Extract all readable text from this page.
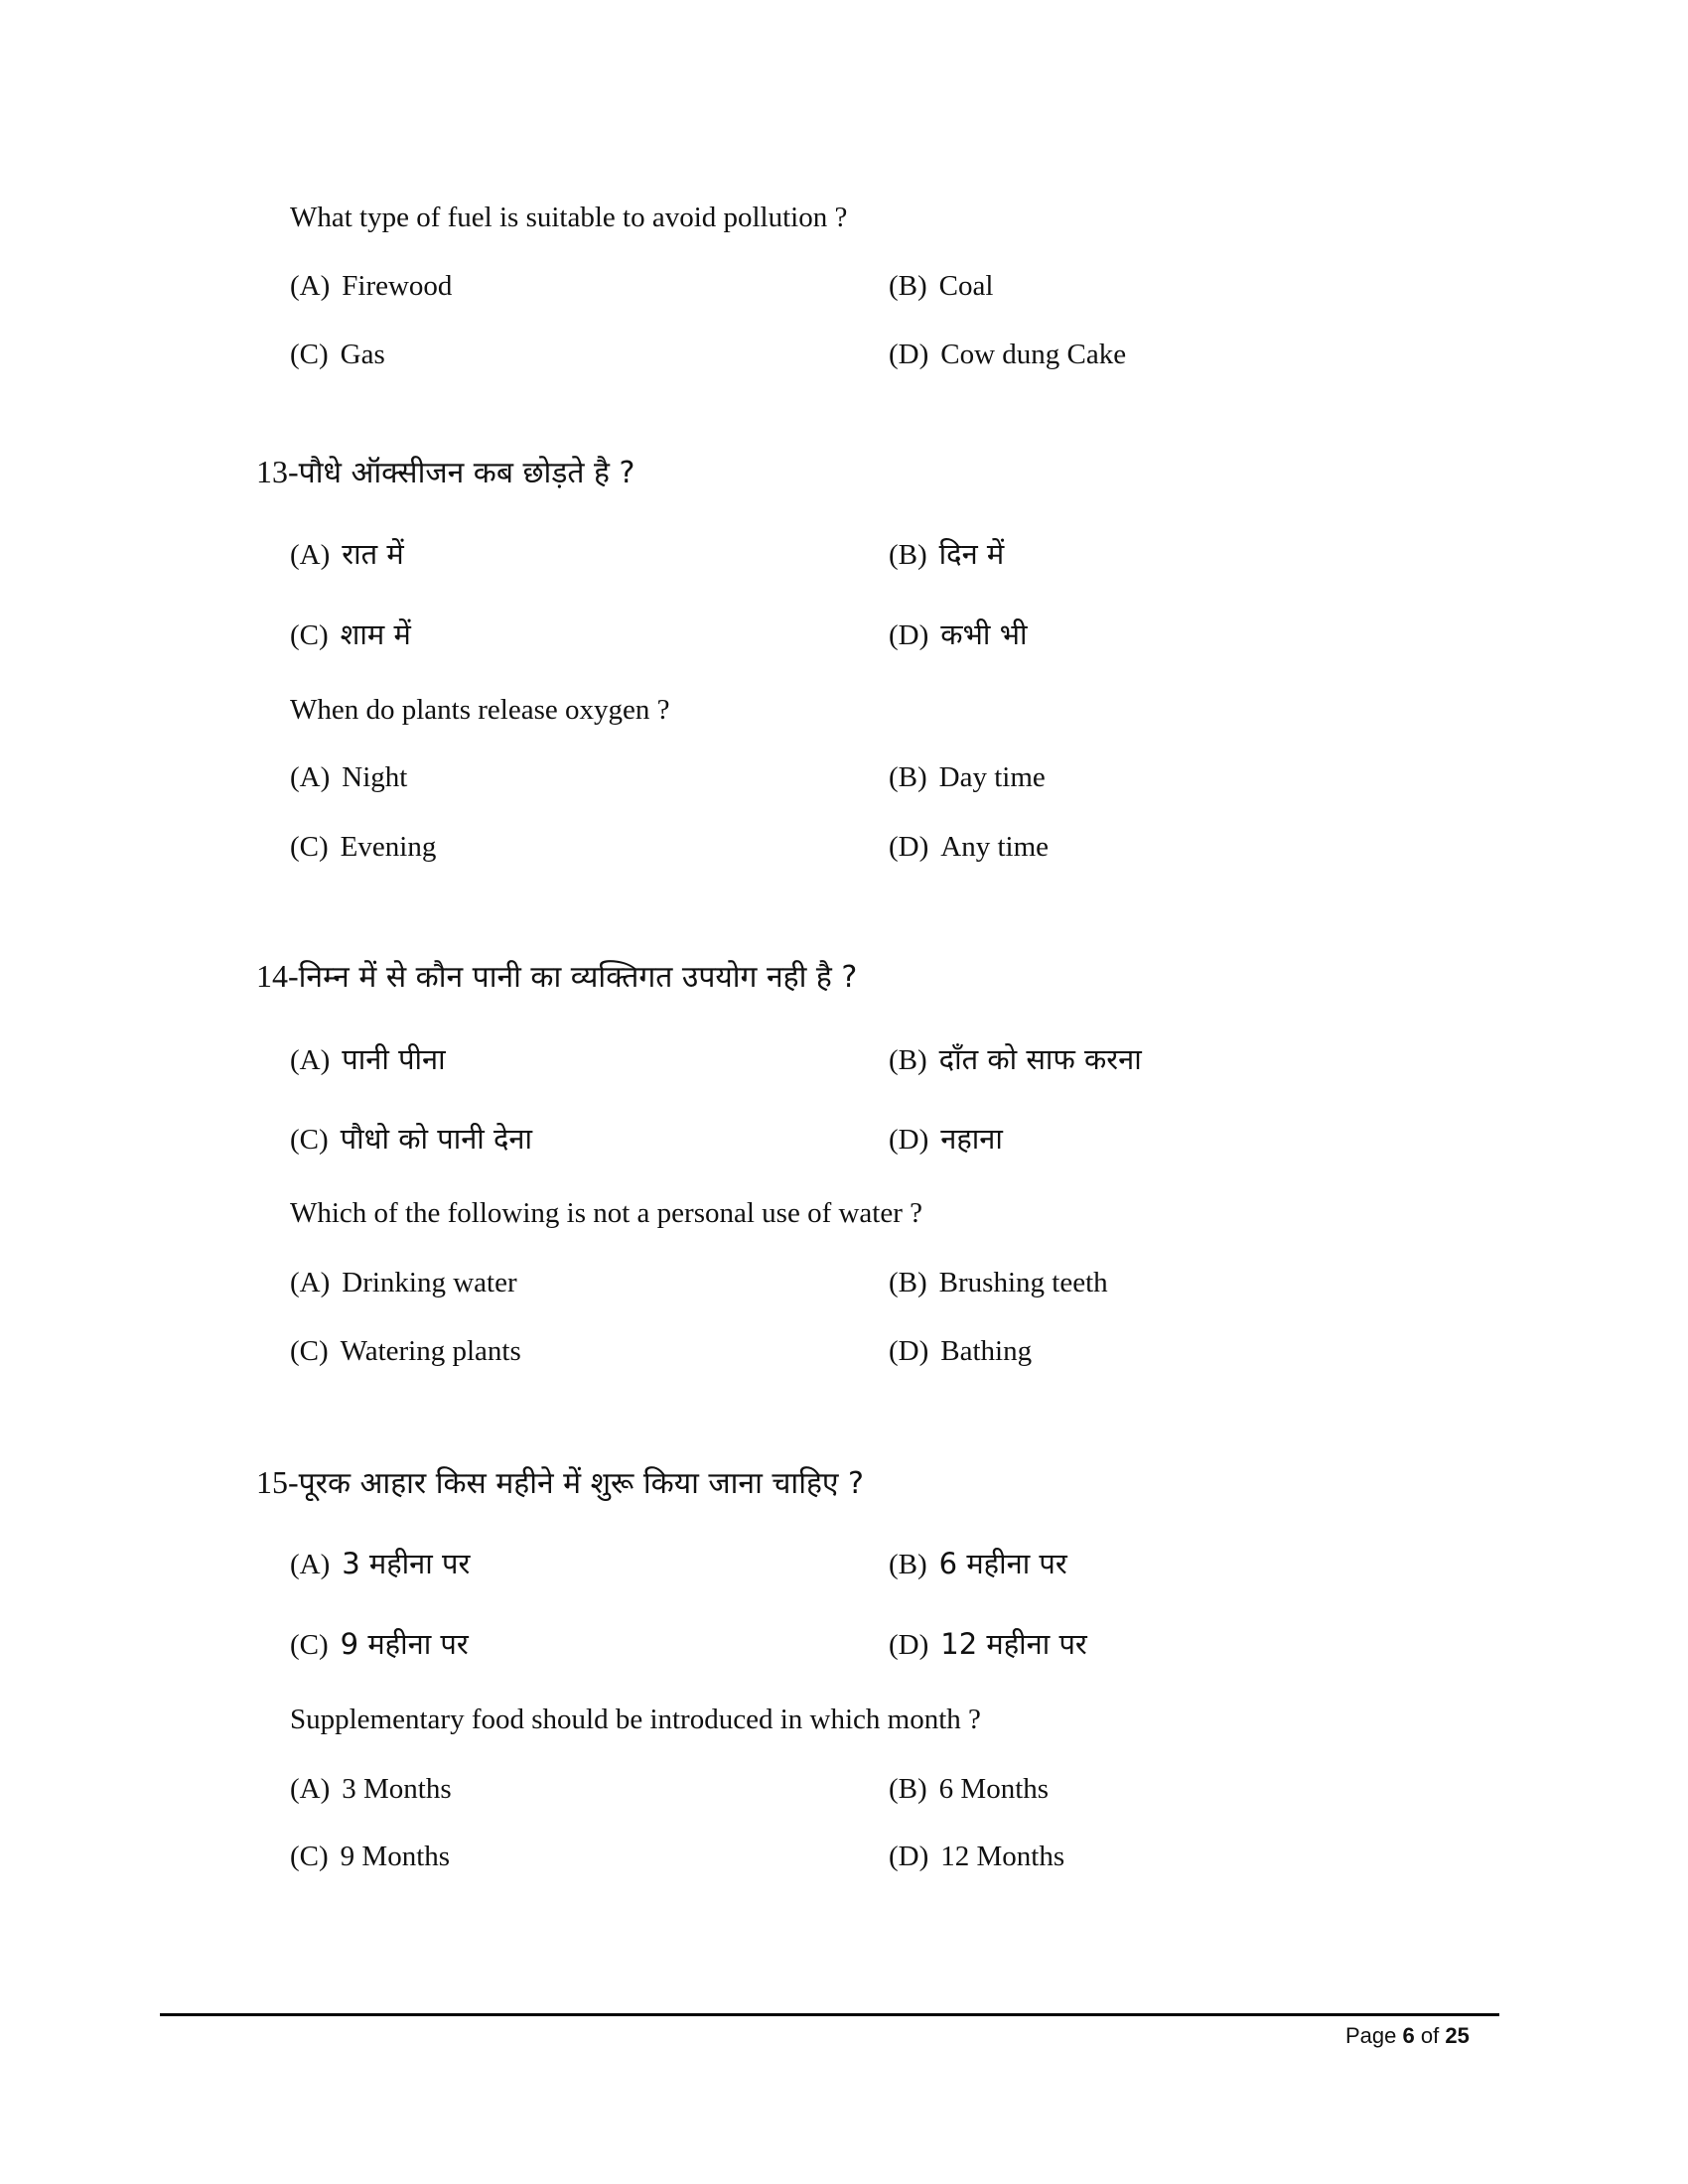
What type of fuel is suitable to avoid pollution ?
(A) Firewood	(B) Coal
(C) Gas	(D) Cow dung Cake
13-पौधे ऑक्सीजन कब छोड़ते है ?
(A) रात में	(B) दिन में
(C) शाम में	(D) कभी भी
When do plants release oxygen ?
(A) Night	(B) Day time
(C) Evening	(D) Any time
14-निम्न में से कौन पानी का व्यक्तिगत उपयोग नही है ?
(A) पानी पीना	(B) दाँत को साफ करना
(C) पौधो को पानी देना	(D) नहाना
Which of the following is not a personal use of water ?
(A) Drinking water	(B) Brushing teeth
(C) Watering plants	(D) Bathing
15-पूरक आहार किस महीने में शुरू किया जाना चाहिए ?
(A) 3 महीना पर	(B) 6 महीना पर
(C) 9 महीना पर	(D) 12 महीना पर
Supplementary food should be introduced in which month ?
(A) 3 Months	(B) 6 Months
(C) 9 Months	(D) 12 Months
Page 6 of 25
